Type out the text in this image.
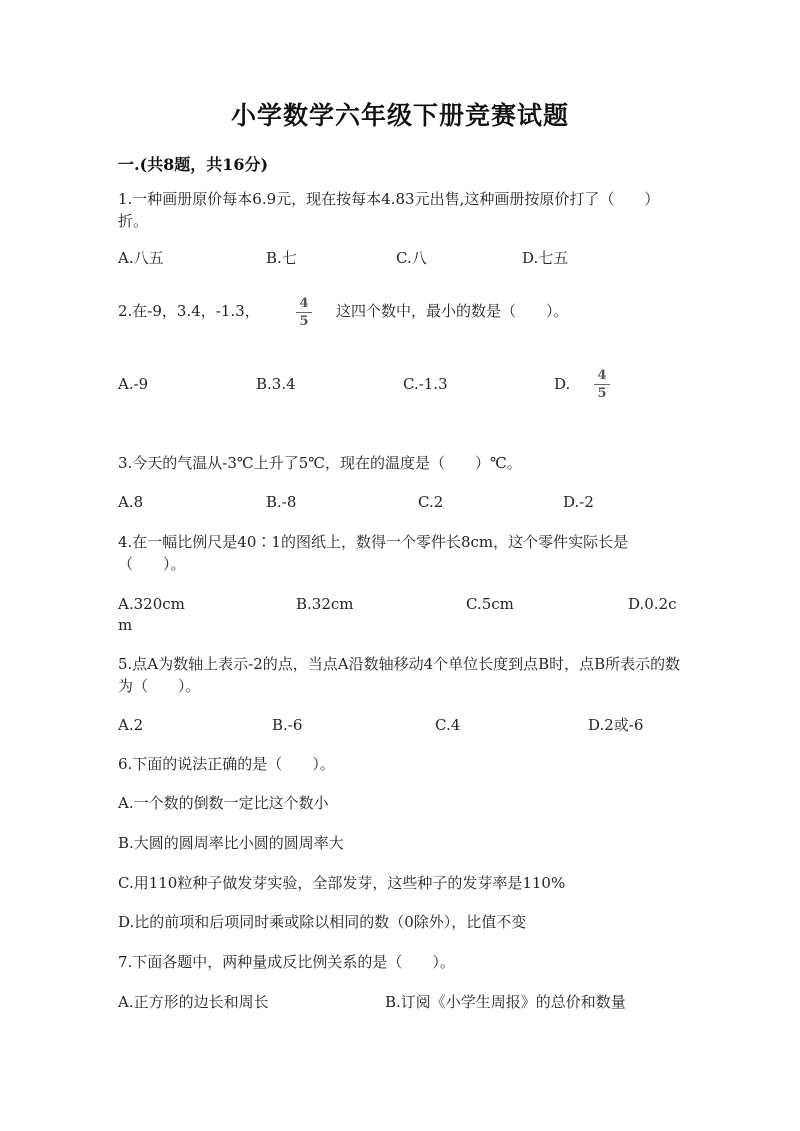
小学数学六年级下册竞赛试题
一.(共8题，共16分)
1.一种画册原价每本6.9元，现在按每本4.83元出售,这种画册按原价打了（　　）折。
A.八五	B.七	C.八	D.七五
2.在-9，3.4，-1.3，	4
5
这四个数中，最小的数是（　　）。
A.-9	B.3.4	C.-1.3	D. 4
5
3.今天的气温从-3℃上升了5℃，现在的温度是（　　）℃。
A.8	B.-8	C.2	D.-2
4.在一幅比例尺是40∶1的图纸上，数得一个零件长8cm，这个零件实际长是（　　）。
A.320cm	B.32cm	C.5cm	D.0.2c
m
5.点A为数轴上表示-2的点，当点A沿数轴移动4个单位长度到点B时，点B所表示的数为（　　）。
A.2	B.-6	C.4	D.2或-6
6.下面的说法正确的是（　　）。
A.一个数的倒数一定比这个数小
B.大圆的圆周率比小圆的圆周率大
C.用110粒种子做发芽实验，全部发芽，这些种子的发芽率是110%
D.比的前项和后项同时乘或除以相同的数（0除外），比值不变
7.下面各题中，两种量成反比例关系的是（　　）。
A.正方形的边长和周长	B.订阅《小学生周报》的总价和数量
